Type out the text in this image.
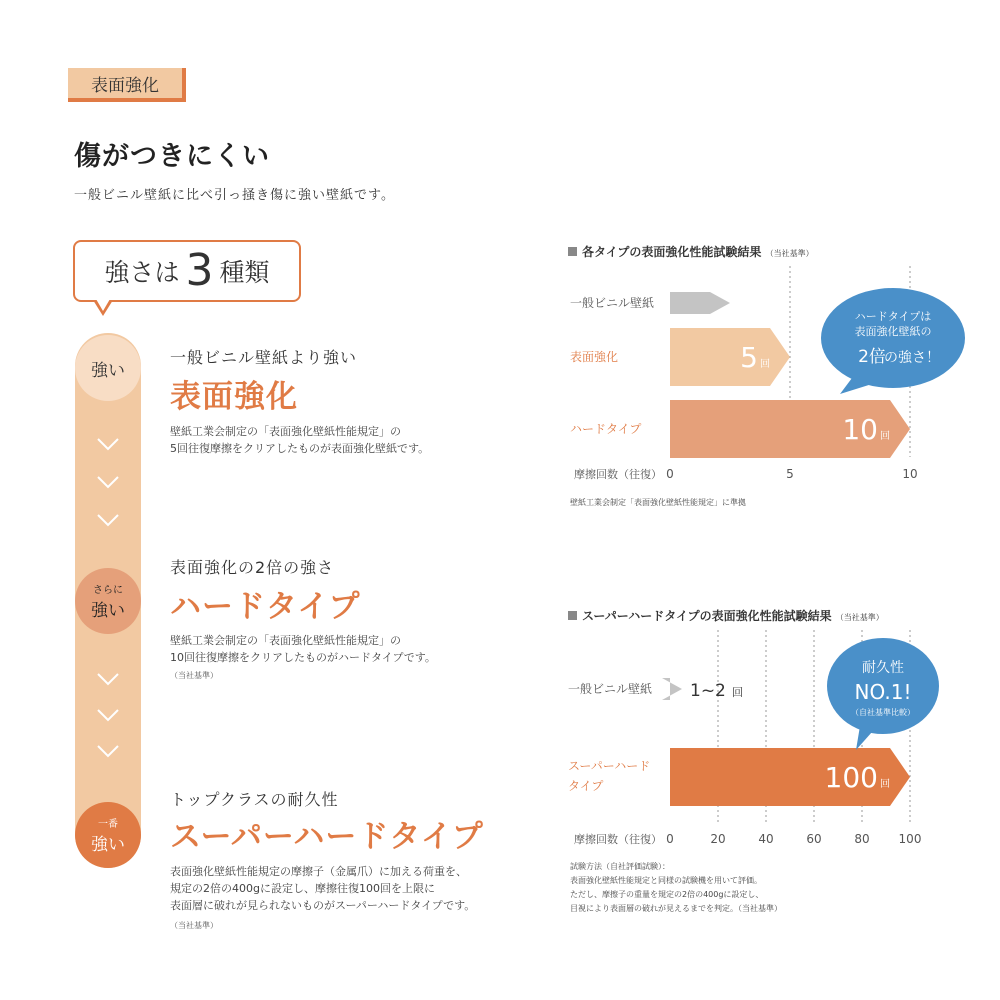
表面強化
傷がつきにくい
一般ビニル壁紙に比べ引っ掻き傷に強い壁紙です。
強さは 3 種類
強い
さらに
強い
一番
強い
一般ビニル壁紙より強い
表面強化
壁紙工業会制定の「表面強化壁紙性能規定」の
5回往復摩擦をクリアしたものが表面強化壁紙です。
表面強化の2倍の強さ
ハードタイプ
壁紙工業会制定の「表面強化壁紙性能規定」の
10回往復摩擦をクリアしたものがハードタイプです。
（当社基準）
トップクラスの耐久性
スーパーハードタイプ
表面強化壁紙性能規定の摩擦子（金属爪）に加える荷重を、
規定の2倍の400gに設定し、摩擦往復100回を上限に
表面層に破れが見られないものがスーパーハードタイプです。
（当社基準）
各タイプの表面強化性能試験結果 （当社基準）
0	5	10
摩擦回数（往復）
一般ビニル壁紙
表面強化	5 回
ハードタイプ	10 回
ハードタイプは
表面強化壁紙の
2倍
の強さ！
壁紙工業会制定「表面強化壁紙性能規定」に準拠
スーパーハードタイプの表面強化性能試験結果 （当社基準）
0	20	40	60	80 100
摩擦回数（往復）
一般ビニル壁紙 1~2 回
スーパーハード
タイプ	100 回
耐久性
NO.1!
（自社基準比較）
試験方法（自社評価試験）：
表面強化壁紙性能規定と同様の試験機を用いて評価。
ただし、摩擦子の重量を規定の2倍の400gに設定し、
目視により表面層の破れが見えるまでを判定。（当社基準）
